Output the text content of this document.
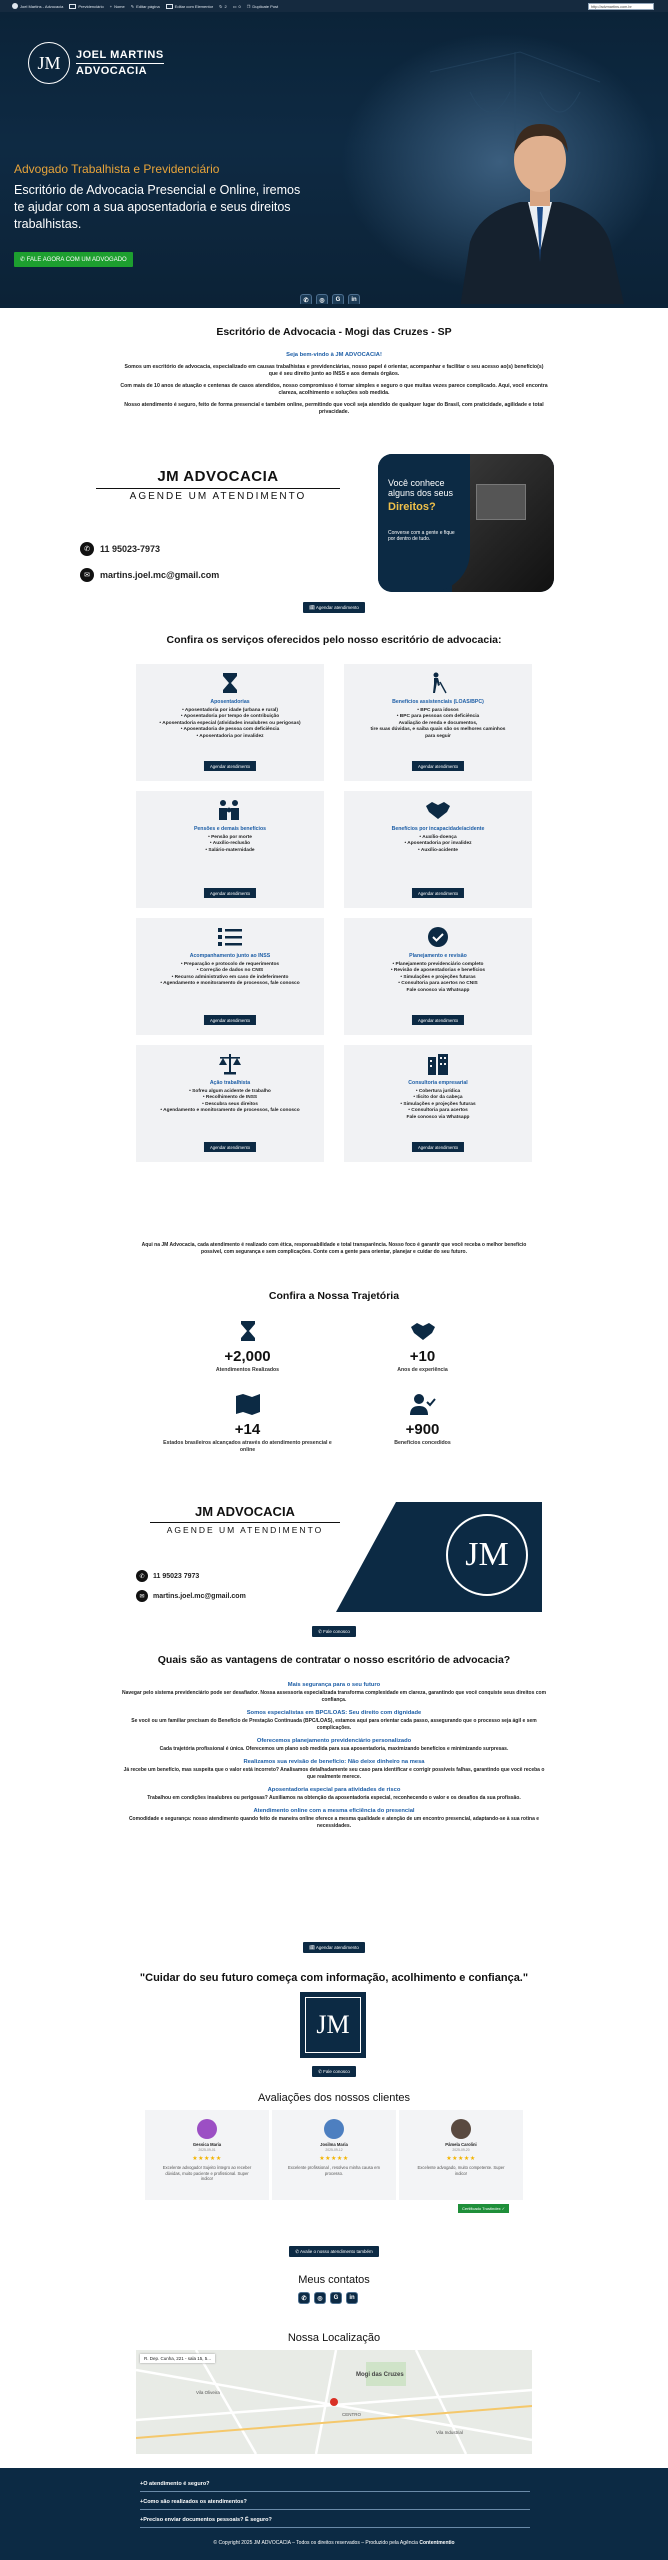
Joel Martins - Advocacia	Previdenciário + Nome ✎ Editar página	Editar com Elementor ↻ 2 ▭ 0 ❐ Duplicate Post	http://advmartins.com.br
JM	JOEL MARTINS
ADVOCACIA
Advogado Trabalhista e Previdenciário
Escritório de Advocacia Presencial e Online, iremos te ajudar com a sua aposentadoria e seus direitos trabalhistas.
✆ FALE AGORA COM UM ADVOGADO
✆	◎	G	in
Escritório de Advocacia - Mogi das Cruzes - SP

Seja bem-vindo à JM ADVOCACIA!

Somos um escritório de advocacia, especializado em causas trabalhistas e previdenciárias, nosso papel é orientar, acompanhar e facilitar o seu acesso ao(s) benefício(s) que é seu direito junto ao INSS e aos demais órgãos.

Com mais de 10 anos de atuação e centenas de casos atendidos, nosso compromisso é tornar simples e seguro o que muitas vezes parece complicado. Aqui, você encontra clareza, acolhimento e soluções sob medida.

Nosso atendimento é seguro, feito de forma presencial e também online, permitindo que você seja atendido de qualquer lugar do Brasil, com praticidade, agilidade e total privacidade.

JM ADVOCACIA
AGENDE UM ATENDIMENTO
✆	11 95023-7973
✉	martins.joel.mc@gmail.com
Você conhece
alguns dos seus
Direitos?
Converse com a gente e fique por dentro de tudo.
🗓 Agendar atendimento
Confira os serviços oferecidos pelo nosso escritório de advocacia:
Aposentadorias
• Aposentadoria por idade (urbana e rural)
• Aposentadoria por tempo de contribuição
• Aposentadoria especial (atividades insalubres ou perigosas)
• Aposentadoria de pessoa com deficiência
• Aposentadoria por invalidez
Agendar atendimento
Benefícios assistenciais (LOAS/BPC)
• BPC para idosos
• BPC para pessoas com deficiência
Avaliação de renda e documentos,
tire suas dúvidas, e saiba quais são os melhores caminhos para seguir
Agendar atendimento
Pensões e demais benefícios
• Pensão por morte
• Auxílio-reclusão
• Salário-maternidade
Agendar atendimento
Benefícios por incapacidade/acidente
• Auxílio-doença
• Aposentadoria por invalidez
• Auxílio-acidente
Agendar atendimento
Acompanhamento junto ao INSS
• Preparação e protocolo de requerimentos
• Correção de dados no CNIS
• Recurso administrativo em caso de indeferimento
• Agendamento e monitoramento de processos, fale conosco
Agendar atendimento
Planejamento e revisão
• Planejamento previdenciário completo
• Revisão de aposentadorias e benefícios
• Simulações e projeções futuras
• Consultoria para acertos no CNIS
Fale conosco via Whatsapp
Agendar atendimento
Ação trabalhista
• Sofreu algum acidente de trabalho
• Recolhimento de INSS
• Descubra seus direitos
• Agendamento e monitoramento de processos, fale conosco
Agendar atendimento
Consultoria empresarial
• Cobertura jurídica
• Ilicito dor da cabeça
• Simulações e projeções futuras
• Consultoria para acertos
Fale conosco via Whatsapp
Agendar atendimento
Aqui na JM Advocacia, cada atendimento é realizado com ética, responsabilidade e total transparência. Nosso foco é garantir que você receba o melhor benefício possível, com segurança e sem complicações. Conte com a gente para orientar, planejar e cuidar do seu futuro.
Confira a Nossa Trajetória
+2,000
Atendimentos Realizados
+10
Anos de experiência
+14
Estados brasileiros alcançados através do atendimento presencial e online
+900
Benefícios concedidos
JM ADVOCACIA
AGENDE UM ATENDIMENTO
✆	11 95023 7973
✉	martins.joel.mc@gmail.com
JM
✆ Fale conosco
Quais são as vantagens de contratar o nosso escritório de advocacia?
Mais segurança para o seu futuro

Navegar pelo sistema previdenciário pode ser desafiador. Nossa assessoria especializada transforma complexidade em clareza, garantindo que você conquiste seus direitos com confiança.

Somos especialistas em BPC/LOAS: Seu direito com dignidade

Se você ou um familiar precisam do Benefício de Prestação Continuada (BPC/LOAS), estamos aqui para orientar cada passo, assegurando que o processo seja ágil e sem complicações.

Oferecemos planejamento previdenciário personalizado

Cada trajetória profissional é única. Oferecemos um plano sob medida para sua aposentadoria, maximizando benefícios e minimizando surpresas.

Realizamos sua revisão de benefício: Não deixe dinheiro na mesa

Já recebe um benefício, mas suspeita que o valor está incorreto? Analisamos detalhadamente seu caso para identificar e corrigir possíveis falhas, garantindo que você receba o que realmente merece.

Aposentadoria especial para atividades de risco

Trabalhou em condições insalubres ou perigosas? Auxiliamos na obtenção da aposentadoria especial, reconhecendo o valor e os desafios da sua profissão.

Atendimento online com a mesma eficiência do presencial

Comodidade e segurança: nosso atendimento quando feito de maneira online oferece a mesma qualidade e atenção de um encontro presencial, adaptando-se à sua rotina e necessidades.

🗓 Agendar atendimento
"Cuidar do seu futuro começa com informação, acolhimento e confiança."
JM
✆ Fale conosco
Avaliações dos nossos clientes
Gessica Maria
2025-09-01
★★★★★
Excelente advogado! Sujeito íntegro ao receber dúvidas, muito paciente e profissional. Super indico!
Josilma Maria
2025-09-12
★★★★★
Excelente profissional , resolveu minha causa em processo.
Pâmela Carolini
2025-09-20
★★★★★
Excelente advogado, muito competente. Super indico!
Certificado Trustindex ✓
✆ Avalie o nosso atendimento também
Meus contatos
✆	◎	G	in
Nossa Localização
R. Dep. Cunha, 221 - sala 15, 5...
Mogi das Cruzes
CENTRO
Vila Oliveira
Vila Industrial
+ O atendimento é seguro?
+ Como são realizados os atendimentos?
+ Preciso enviar documentos pessoais? É seguro?
© Copyright 2025 JM ADVOCACIA – Todos os direitos reservados – Produzido pela Agência Contentmentio
